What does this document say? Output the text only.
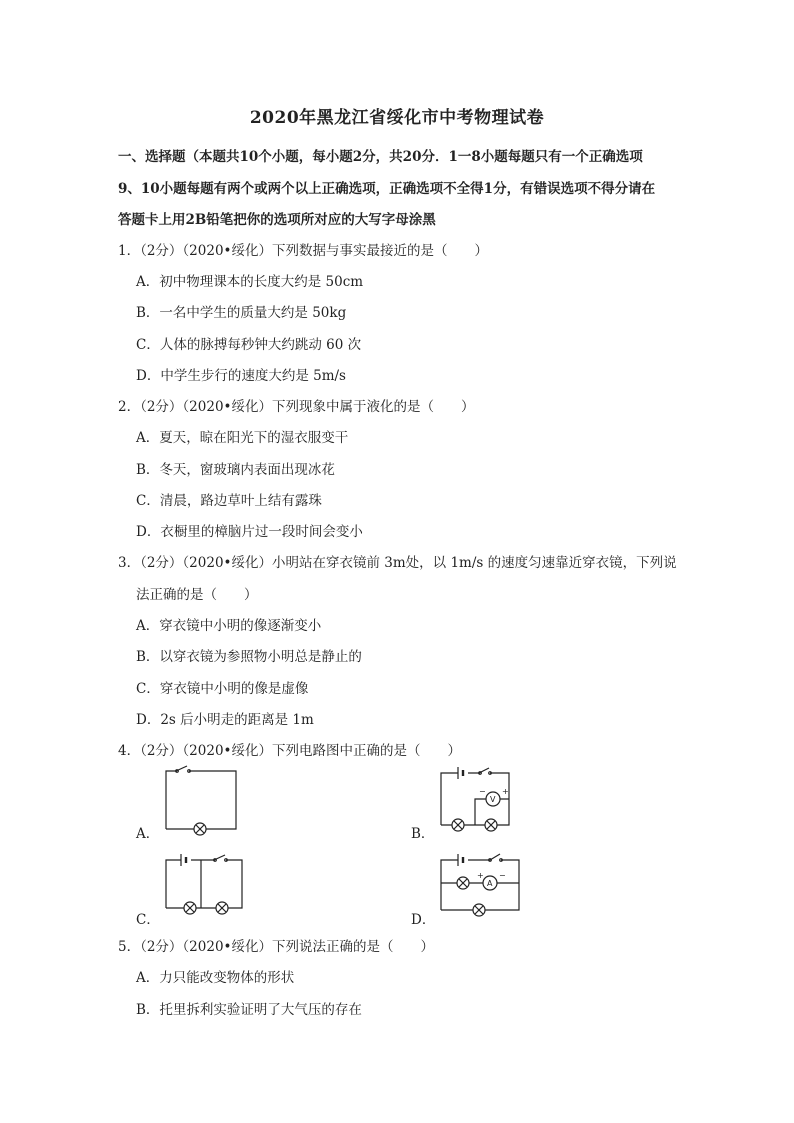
2020年黑龙江省绥化市中考物理试卷
一、选择题（本题共10个小题，每小题2分，共20分．1一8小题每题只有一个正确选项
9、10小题每题有两个或两个以上正确选项，正确选项不全得1分，有错误选项不得分请在
答题卡上用2B铅笔把你的选项所对应的大写字母涂黑
1．（2分）（2020•绥化）下列数据与事实最接近的是（　　）
A．初中物理课本的长度大约是 50cm
B．一名中学生的质量大约是 50kg
C．人体的脉搏每秒钟大约跳动 60 次
D．中学生步行的速度大约是 5m/s
2．（2分）（2020•绥化）下列现象中属于液化的是（　　）
A．夏天，晾在阳光下的湿衣服变干
B．冬天，窗玻璃内表面出现冰花
C．清晨，路边草叶上结有露珠
D．衣橱里的樟脑片过一段时间会变小
3．（2分）（2020•绥化）小明站在穿衣镜前 3m处，以 1m/s 的速度匀速靠近穿衣镜，下列说
法正确的是（　　）
A．穿衣镜中小明的像逐渐变小
B．以穿衣镜为参照物小明总是静止的
C．穿衣镜中小明的像是虚像
D．2s 后小明走的距离是 1m
4．（2分）（2020•绥化）下列电路图中正确的是（　　）
A．	B．
V
− +
C．	D．
A
+ −
5．（2分）（2020•绥化）下列说法正确的是（　　）
A．力只能改变物体的形状
B．托里拆利实验证明了大气压的存在
